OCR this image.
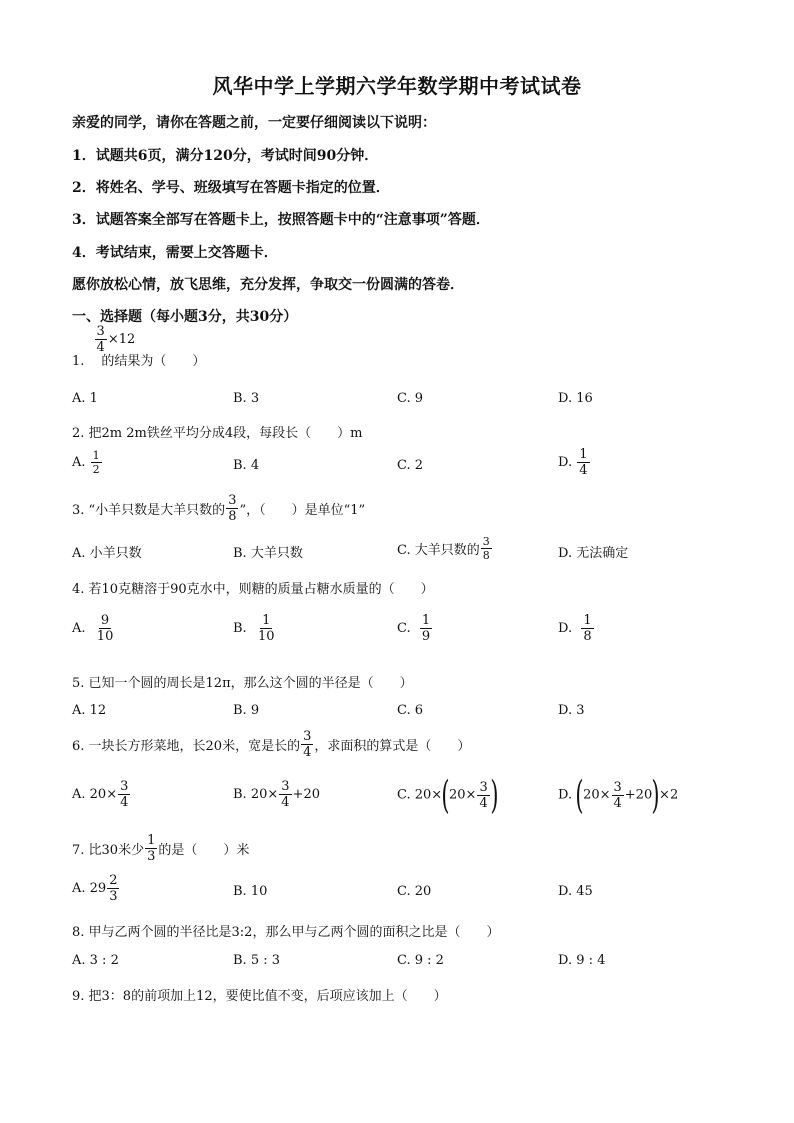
风华中学上学期六学年数学期中考试试卷
亲爱的同学，请你在答题之前，一定要仔细阅读以下说明：
1．试题共6页，满分120分，考试时间90分钟．
2．将姓名、学号、班级填写在答题卡指定的位置．
3．试题答案全部写在答题卡上，按照答题卡中的“注意事项”答题．
4．考试结束，需要上交答题卡．
愿你放松心情，放飞思维，充分发挥，争取交一份圆满的答卷．
一、选择题（每小题3分，共30分）
1.
$\frac{3}{4} \times 12$ 的结果为（　　）
A. 1	B. 3	C. 9	D. 16
2. 把2m 2m铁丝平均分成4段，每段长（　　）m
A. $\frac{1}{2}$	B. 4	C. 2	D. $\frac{1}{4}$
3. “小羊只数是大羊只数的 $\frac{3}{8}$ ”，（　　）是单位“1”
A. 小羊只数	B. 大羊只数	C. 大羊只数的 $\frac{3}{8}$	D. 无法确定
4. 若10克糖溶于90克水中，则糖的质量占糖水质量的（　　）
A. $\frac{9}{10}$	B. $\frac{1}{10}$	C. $\frac{1}{9}$	D. $\frac{1}{8}$
5. 已知一个圆的周长是12π，那么这个圆的半径是（　　）
A. 12	B. 9	C. 6	D. 3
6. 一块长方形菜地，长20米，宽是长的 $\frac{3}{4}$ ，求面积的算式是（　　）
A. $20\times \frac{3}{4}$	B. $20\times \frac{3}{4} +20$	C. $20\times(20\times \frac{3}{4}$ )	D. $(20\times \frac{3}{4} +20)\times 2$
7. 比30米少 $\frac{1}{3}$ 的是（　　）米
A. $29 \frac{2}{3}$	B. 10	C. 20	D. 45
8. 甲与乙两个圆的半径比是3:2，那么甲与乙两个圆的面积之比是（　　）
A. 3 : 2	B. 5 : 3	C. 9 : 2	D. 9 : 4
9. 把3：8的前项加上12，要使比值不变，后项应该加上（　　）
